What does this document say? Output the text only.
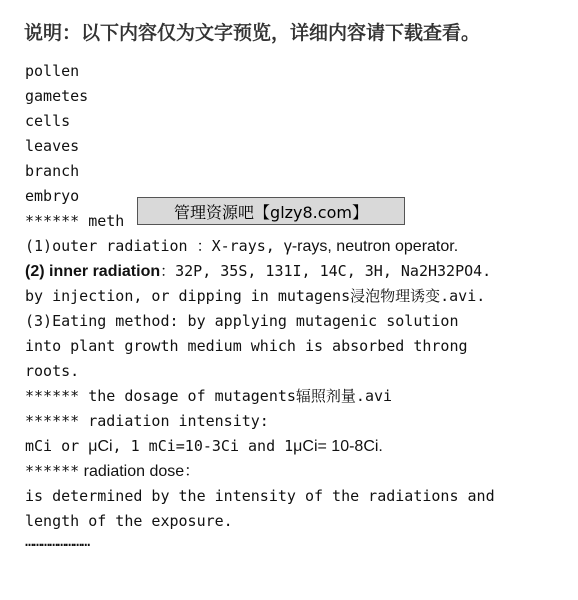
说明：以下内容仅为文字预览，详细内容请下载查看。
pollen
gametes
cells
leaves
branch
embryo
****** meth
(1)outer radiation ：X-rays, γ-rays, neutron operator.
(2) inner radiation：32P, 35S, 131I, 14C, 3H, Na2H32PO4.
by injection, or dipping in mutagens浸泡物理诱变.avi.
(3)Eating method: by applying mutagenic solution
into plant growth medium which is absorbed throng
roots.
****** the dosage of mutagents辐照剂量.avi
****** radiation intensity:
mCi or μCi, 1 mCi=10-3Ci and 1μCi= 10-8Ci.
****** radiation dose：
is determined by the intensity of the radiations and
length of the exposure.
……………………
管理资源吧【glzy8.com】
